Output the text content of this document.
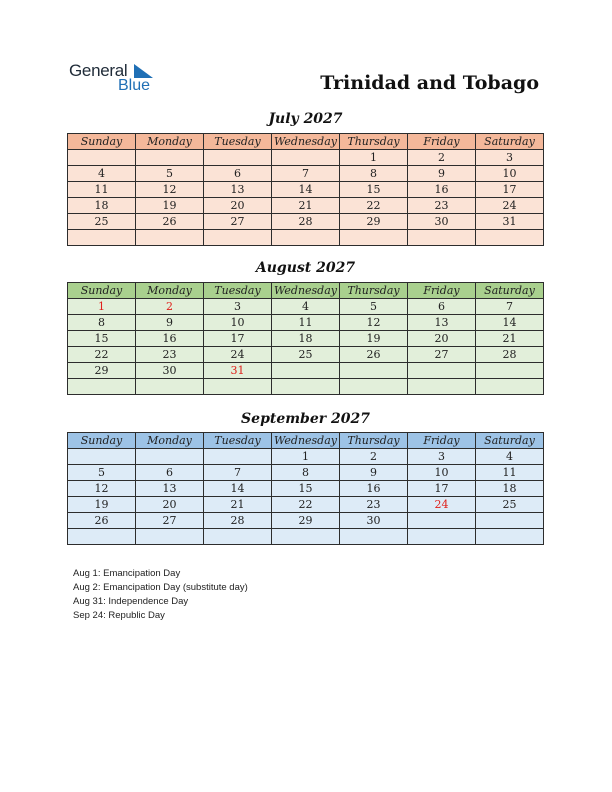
General
Blue	Trinidad and Tobago
July 2027
Sunday	Monday	Tuesday	Wednesday	Thursday	Friday	Saturday
				1	2	3
4	5	6	7	8	9	10
11	12	13	14	15	16	17
18	19	20	21	22	23	24
25	26	27	28	29	30	31

August 2027
Sunday	Monday	Tuesday	Wednesday	Thursday	Friday	Saturday
1	2	3	4	5	6	7
8	9	10	11	12	13	14
15	16	17	18	19	20	21
22	23	24	25	26	27	28
29	30	31				

September 2027
Sunday	Monday	Tuesday	Wednesday	Thursday	Friday	Saturday
			1	2	3	4
5	6	7	8	9	10	11
12	13	14	15	16	17	18
19	20	21	22	23	24	25
26	27	28	29	30		

Aug 1: Emancipation Day
Aug 2: Emancipation Day (substitute day)
Aug 31: Independence Day
Sep 24: Republic Day
